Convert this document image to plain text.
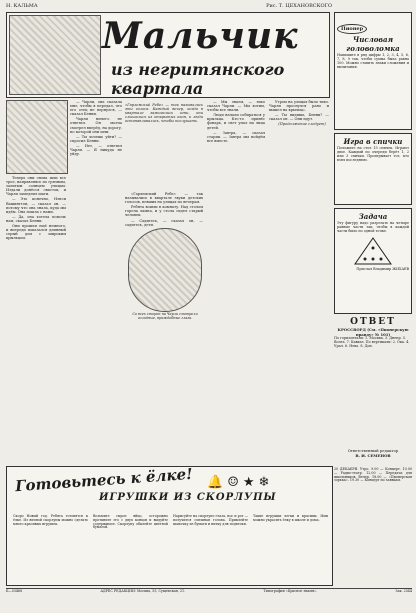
Н. КАЛЬМА	Рис. Т. ЦЕХАНОВСКОГО
Мальчик
из негритянского квартала

Теперь они снова шли все трое, направляясь по грязным, залитым солнцем улицам. Издали донёсся свисток, и Чарли замедлил шаги.

— Это конечно, Нэнси Вашингтон, — сказал он, — потому что она знала, куда мы идём. Она пошла с нами.

— Да, она хотела помочь нам, сказал Бенни.

Они прошли ещё немного, и впереди показался длинный серый дом с широким крыльцом.

— Чарли, она сказала мне, чтобы я передал, что его отец не вернулся, — сказал Бенни.

Чарли ничего не ответил. Он молча смотрел вперёд, на дорогу, по которой они шли.

— Ты хочешь уйти? — спросил Бенни.

— Нет, — ответил Чарли. — Я никуда не уйду.

«Гарлемский Ребе» — так назывались эти голоса. Каждый вечер, когда в квартале зажигались огни, они слышались из открытых окон, и люди останавливались, чтобы послушать.

«Гарлемский Ребе» — так назывались в квартале звуки детских голосов, певших на улицах по вечерам.

Ребята вошли в комнату. Над столом горела лампа, и у стола сидел старый человек.

— Садитесь, — сказал он, — садитесь, дети.

Со всех сторон на Чарли смотрели голодные, враждебные глаза.

— Мы знаем, — тихо сказал Чарли. — Мы хотим, чтобы все знали.

Люди начали собираться у крыльца. Кто-то принёс фонарь, и свет упал на лица детей.

— Завтра, — сказал старик. — Завтра мы пойдём все вместе.

Утром на улицах было тихо. Чарли проснулся рано и вышел на крыльцо.

— Ты видишь, Бенни? — сказал он. — Они идут.

(Продолжение следует)

Пионер
Числовая головоломка
Напишите в ряд цифры 1, 2, 3, 4, 5, 6, 7, 8, 9 так, чтобы сумма была равна 100. Можно ставить знаки сложения и вычитания.
Игра в спички
Положите на стол 15 спичек. Играют двое. Каждый по очереди берёт 1, 2 или 3 спички. Проигрывает тот, кто взял последнюю.
Задача
Эту фигуру надо разрезать на четыре равные части так, чтобы в каждой части было по одной точке.
Прислал Владимир ЖИХАЕВ
ОТВЕТ
КРОССВОРД (См. «Пионерскую правду» № 101)
По горизонтали: 1. Москва. 3. Днепр. 5. Волга. 7. Кавказ. По вертикали: 2. Ока. 4. Урал. 6. Нева. 8. Дон.
Готовьтесь к ёлке! 🔔☺★❄
ИГРУШКИ ИЗ СКОРЛУПЫ
Скоро Новый год. Ребята готовятся к ёлке. Из яичной скорлупы можно сделать много красивых игрушек.
Возьмите сырое яйцо, осторожно проткните его с двух концов и выдуйте содержимое. Скорлупу обклейте цветной бумагой.
Нарисуйте на скорлупе глаза, нос и рот — получится смешная голова. Приклейте шапочку из бумаги и нитку для подвески.
Такие игрушки легки и красивы. Ими можно украсить ёлку в школе и дома.
Ответственный редактор
В. И. СЕМЕНОВ
20 ДЕКАБРЯ. Утро. 9.00 — Концерт. 10.00 — Радио-театр. 12.00 — Передача для школьников. Вечер. 18.00 — «Пионерская зорька». 19.30 — Концерт по заявкам.
Б—03468	АДРЕС РЕДАКЦИИ: Москва, 55, Сущевская, 21.	Типография «Красное знамя».	Зак. 2544
